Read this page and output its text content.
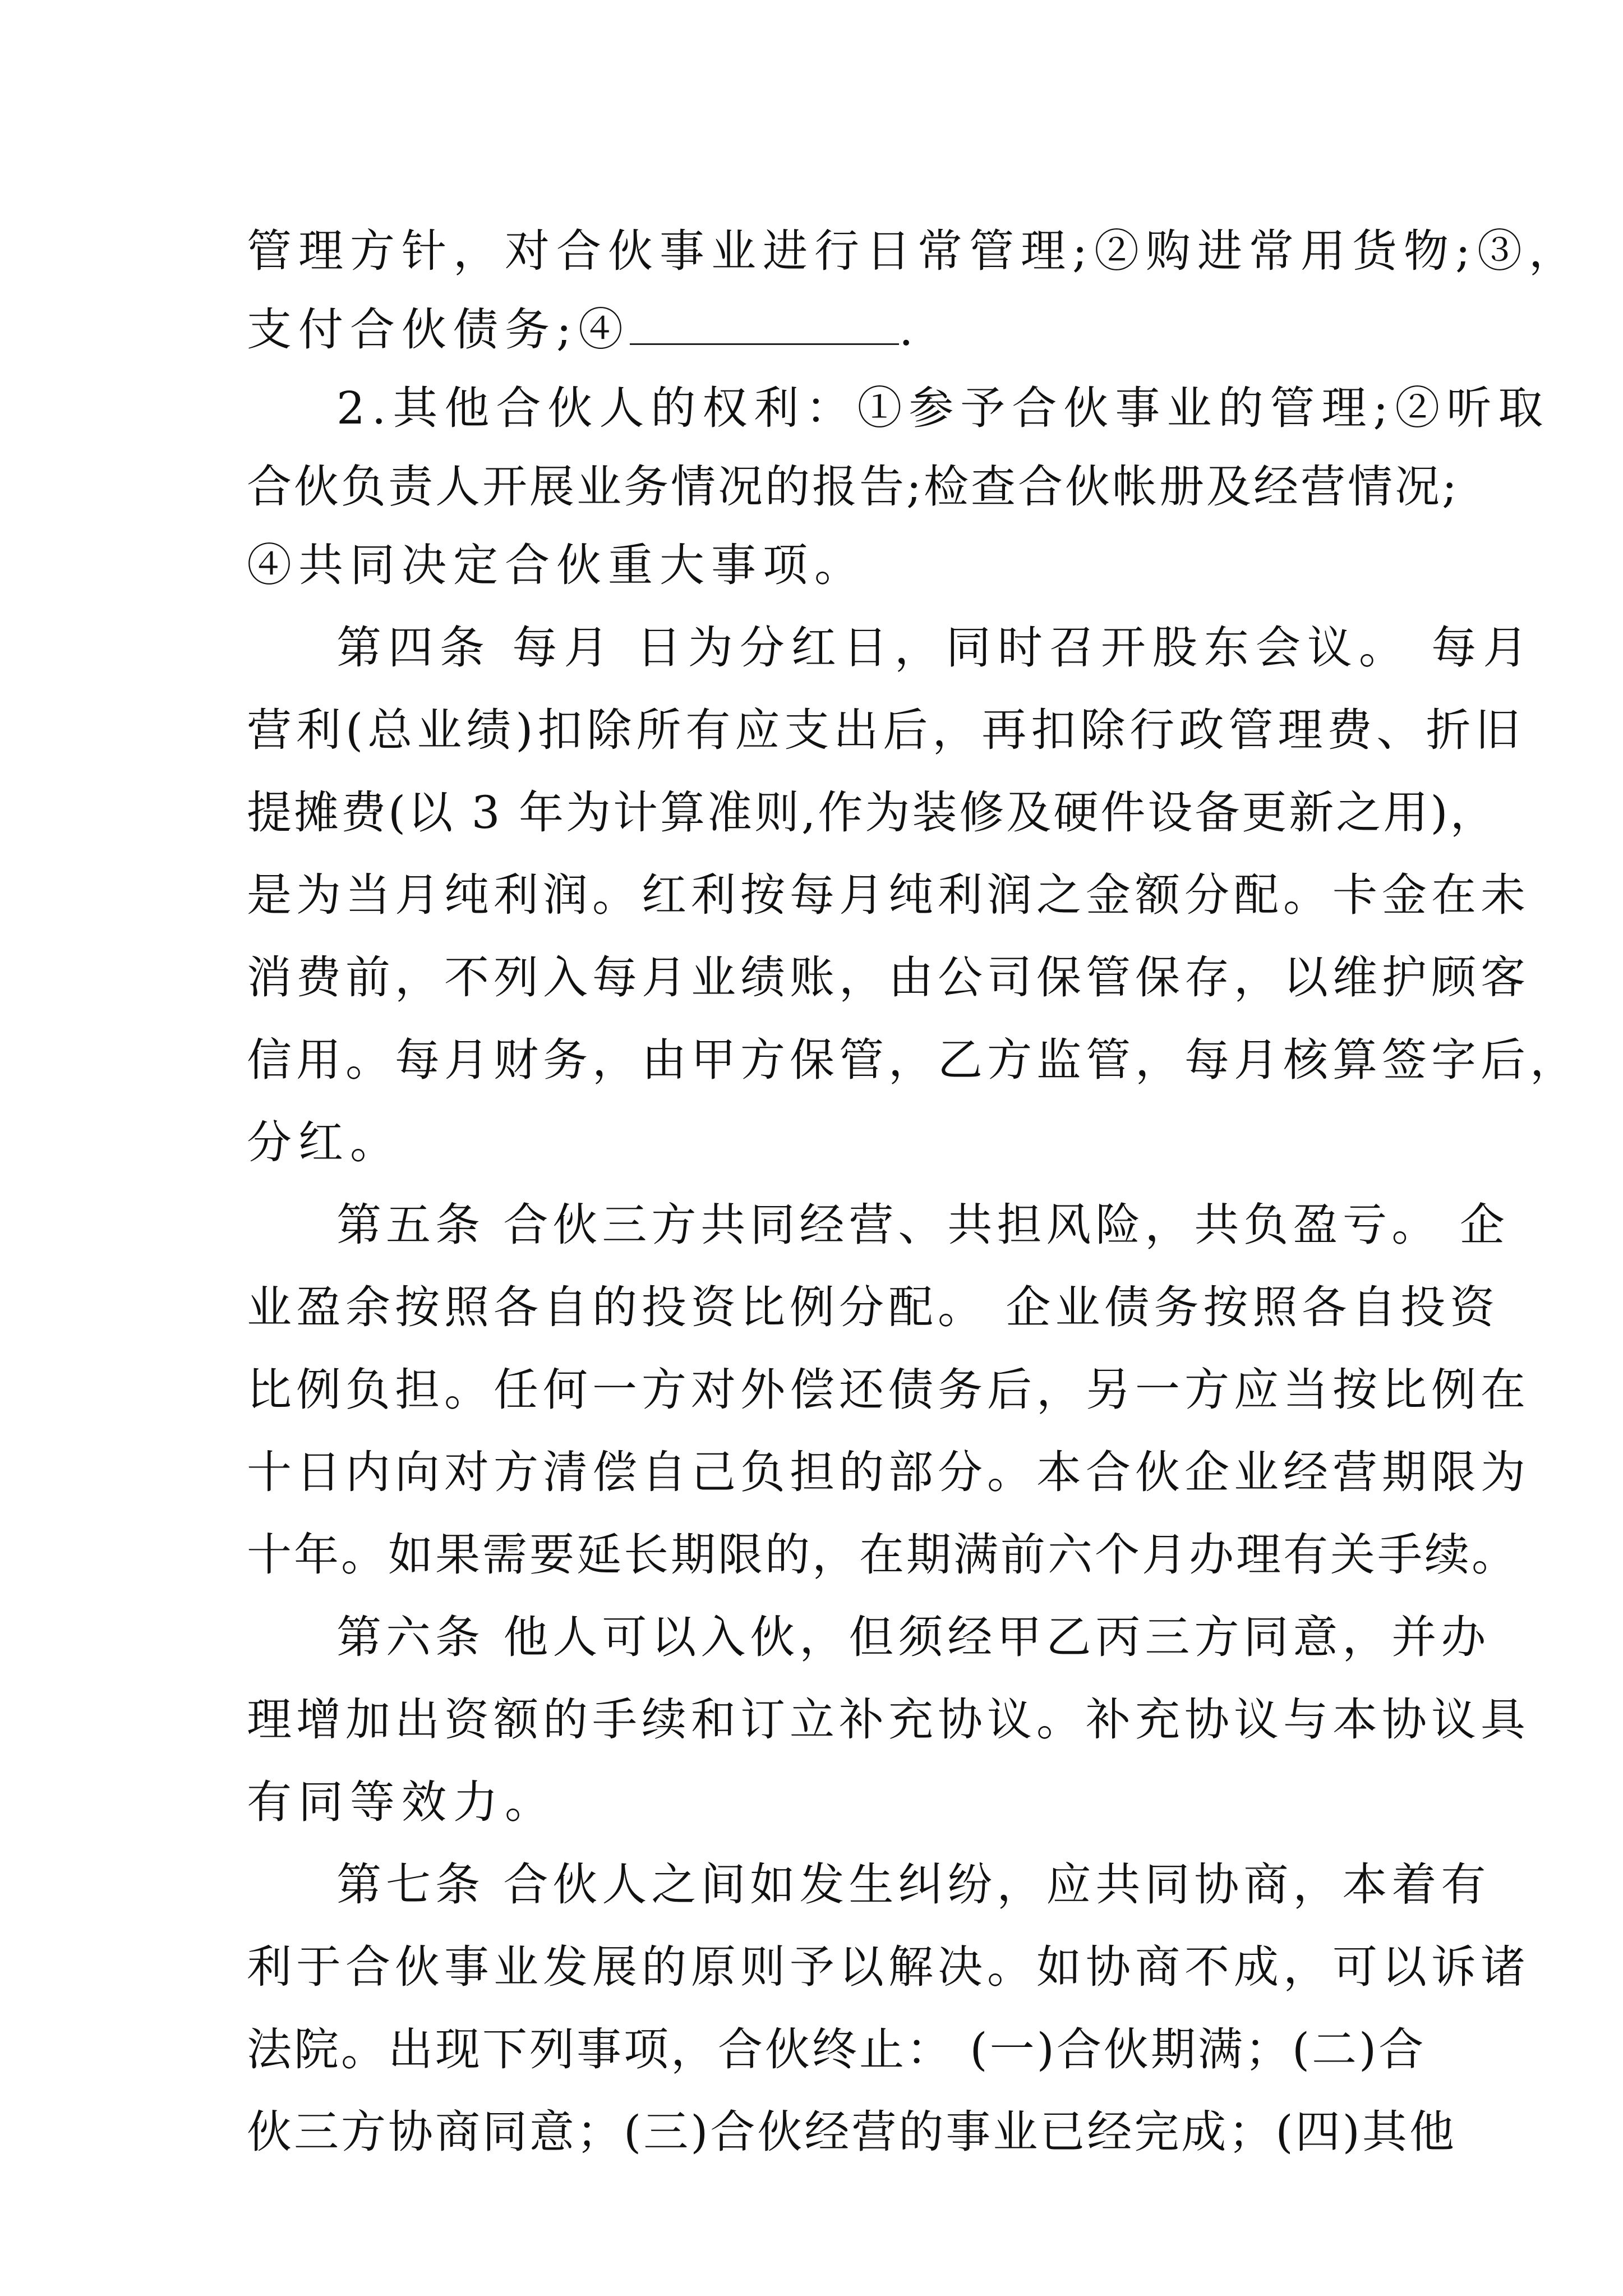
管理方针，对合伙事业进行日常管理;②购进常用货物;③，
支付合伙债务;④	.
2.其他合伙人的权利：①参予合伙事业的管理;②听取
合伙负责人开展业务情况的报告;检查合伙帐册及经营情况;
④共同决定合伙重大事项。
第四条 每月 日为分红日，同时召开股东会议。 每月
营利(总业绩)扣除所有应支出后，再扣除行政管理费、折旧
提摊费(以 3 年为计算准则,作为装修及硬件设备更新之用)，
是为当月纯利润。红利按每月纯利润之金额分配。卡金在未
消费前，不列入每月业绩账，由公司保管保存，以维护顾客
信用。每月财务，由甲方保管，乙方监管，每月核算签字后，
分红。
第五条 合伙三方共同经营、共担风险，共负盈亏。 企
业盈余按照各自的投资比例分配。 企业债务按照各自投资
比例负担。任何一方对外偿还债务后，另一方应当按比例在
十日内向对方清偿自己负担的部分。本合伙企业经营期限为
十年。如果需要延长期限的，在期满前六个月办理有关手续。
第六条 他人可以入伙，但须经甲乙丙三方同意，并办
理增加出资额的手续和订立补充协议。补充协议与本协议具
有同等效力。
第七条 合伙人之间如发生纠纷，应共同协商，本着有
利于合伙事业发展的原则予以解决。如协商不成，可以诉诸
法院。出现下列事项，合伙终止： (一)合伙期满；(二)合
伙三方协商同意；(三)合伙经营的事业已经完成；(四)其他
